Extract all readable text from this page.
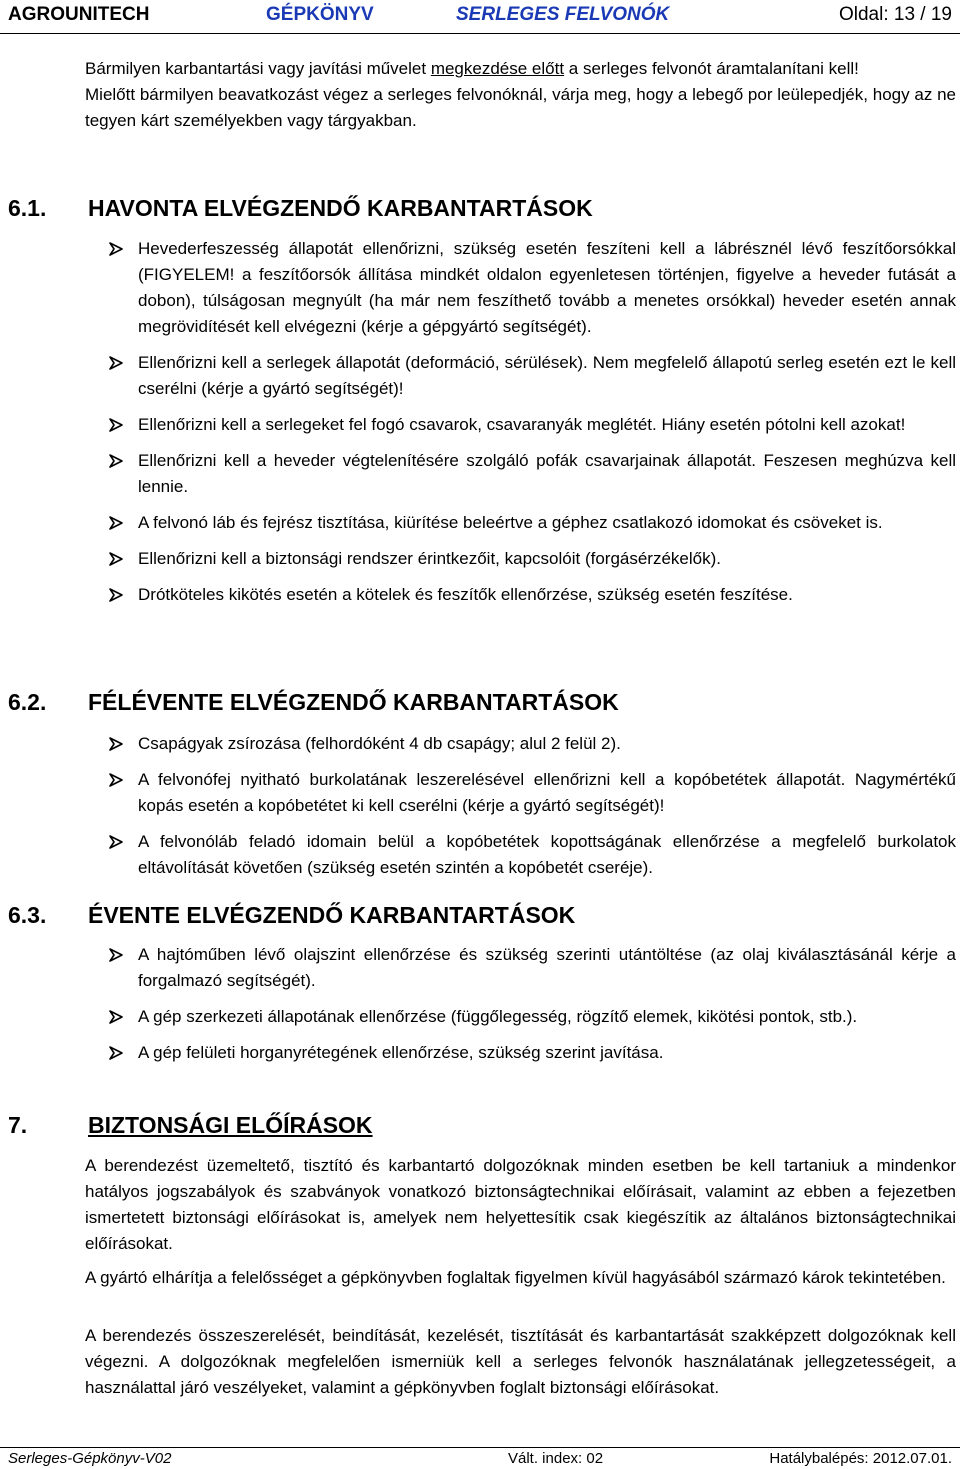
AGROUNITECH	GÉPKÖNYV	SERLEGES FELVONÓK	Oldal: 13 / 19

Bármilyen karbantartási vagy javítási művelet megkezdése előtt a serleges felvonót áramtalanítani kell!

Mielőtt bármilyen beavatkozást végez a serleges felvonóknál, várja meg, hogy a lebegő por leülepedjék, hogy az ne tegyen kárt személyekben vagy tárgyakban.

6.1. HAVONTA ELVÉGZENDŐ KARBANTARTÁSOK
Hevederfeszesség állapotát ellenőrizni, szükség esetén feszíteni kell a lábrésznél lévő feszítőorsókkal (FIGYELEM! a feszítőorsók állítása mindkét oldalon egyenletesen történjen, figyelve a heveder futását a dobon), túlságosan megnyúlt (ha már nem feszíthető tovább a menetes orsókkal) heveder esetén annak megrövidítését kell elvégezni (kérje a gépgyártó segítségét).
Ellenőrizni kell a serlegek állapotát (deformáció, sérülések). Nem megfelelő állapotú serleg esetén ezt le kell cserélni (kérje a gyártó segítségét)!
Ellenőrizni kell a serlegeket fel fogó csavarok, csavaranyák meglétét. Hiány esetén pótolni kell azokat!
Ellenőrizni kell a heveder végtelenítésére szolgáló pofák csavarjainak állapotát. Feszesen meghúzva kell lennie.
A felvonó láb és fejrész tisztítása, kiürítése beleértve a géphez csatlakozó idomokat és csöveket is.
Ellenőrizni kell a biztonsági rendszer érintkezőit, kapcsolóit (forgásérzékelők).
Drótköteles kikötés esetén a kötelek és feszítők ellenőrzése, szükség esetén feszítése.
6.2. FÉLÉVENTE ELVÉGZENDŐ KARBANTARTÁSOK
Csapágyak zsírozása (felhordóként 4 db csapágy; alul 2 felül 2).
A felvonófej nyitható burkolatának leszerelésével ellenőrizni kell a kopóbetétek állapotát. Nagymértékű kopás esetén a kopóbetétet ki kell cserélni (kérje a gyártó segítségét)!
A felvonóláb feladó idomain belül a kopóbetétek kopottságának ellenőrzése a megfelelő burkolatok eltávolítását követően (szükség esetén szintén a kopóbetét cseréje).
6.3. ÉVENTE ELVÉGZENDŐ KARBANTARTÁSOK
A hajtóműben lévő olajszint ellenőrzése és szükség szerinti utántöltése (az olaj kiválasztásánál kérje a forgalmazó segítségét).
A gép szerkezeti állapotának ellenőrzése (függőlegesség, rögzítő elemek, kikötési pontok, stb.).
A gép felületi horganyrétegének ellenőrzése, szükség szerint javítása.
7.	BIZTONSÁGI ELŐÍRÁSOK
A berendezést üzemeltető, tisztító és karbantartó dolgozóknak minden esetben be kell tartaniuk a mindenkor hatályos jogszabályok és szabványok vonatkozó biztonságtechnikai előírásait, valamint az ebben a fejezetben ismertetett biztonsági előírásokat is, amelyek nem helyettesítik csak kiegészítik az általános biztonságtechnikai előírásokat.
A gyártó elhárítja a felelősséget a gépkönyvben foglaltak figyelmen kívül hagyásából származó károk tekintetében.
A berendezés összeszerelését, beindítását, kezelését, tisztítását és karbantartását szakképzett dolgozóknak kell végezni. A dolgozóknak megfelelően ismerniük kell a serleges felvonók használatának jellegzetességeit, a használattal járó veszélyeket, valamint a gépkönyvben foglalt biztonsági előírásokat.
Serleges-Gépkönyv-V02	Vált. index: 02	Hatálybalépés: 2012.07.01.
